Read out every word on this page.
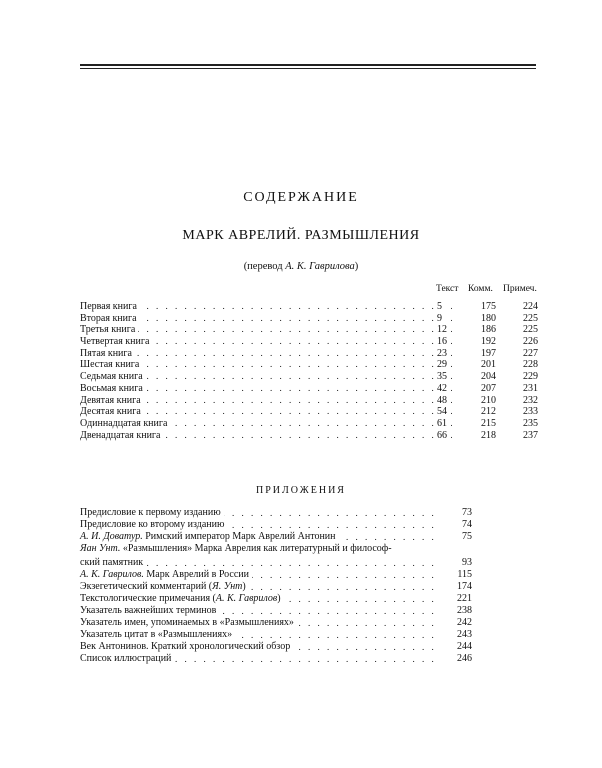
СОДЕРЖАНИЕ
МАРК АВРЕЛИЙ. РАЗМЫШЛЕНИЯ
(перевод А. К. Гаврилова)
Текст Комм. Примеч.
. . .
Первая книга	5	175	224
. . .
Вторая книга	9	180	225
. . .
Третья книга	12	186	225
. . .
Четвертая книга	16	192	226
. . .
Пятая книга	23	197	227
. . .
Шестая книга	29	201	228
. . .
Седьмая книга	35	204	229
. . .
Восьмая книга	42	207	231
. . .
Девятая книга	48	210	232
. . .
Десятая книга	54	212	233
. . .
Одиннадцатая книга	61	215	235
. . .
Двенадцатая книга	66	218	237
ПРИЛОЖЕНИЯ
. . .
Предисловие к первому изданию	73
. . .
Предисловие ко второму изданию	74
. . .
А. И. Доватур. Римский император Марк Аврелий Антонин	75
Яан Унт. «Размышления» Марка Аврелия как литературный и философ-
. . .
ский памятник	93
. . .
А. К. Гаврилов. Марк Аврелий в России	115
. . .
Экзегетический комментарий (Я. Унт)	174
. . .
Текстологические примечания (А. К. Гаврилов)	221
. . .
Указатель важнейших терминов	238
. . .
Указатель имен, упоминаемых в «Размышлениях»	242
. . .
Указатель цитат в «Размышлениях»	243
. . .
Век Антонинов. Краткий хронологический обзор	244
. . .
Список иллюстраций	246
